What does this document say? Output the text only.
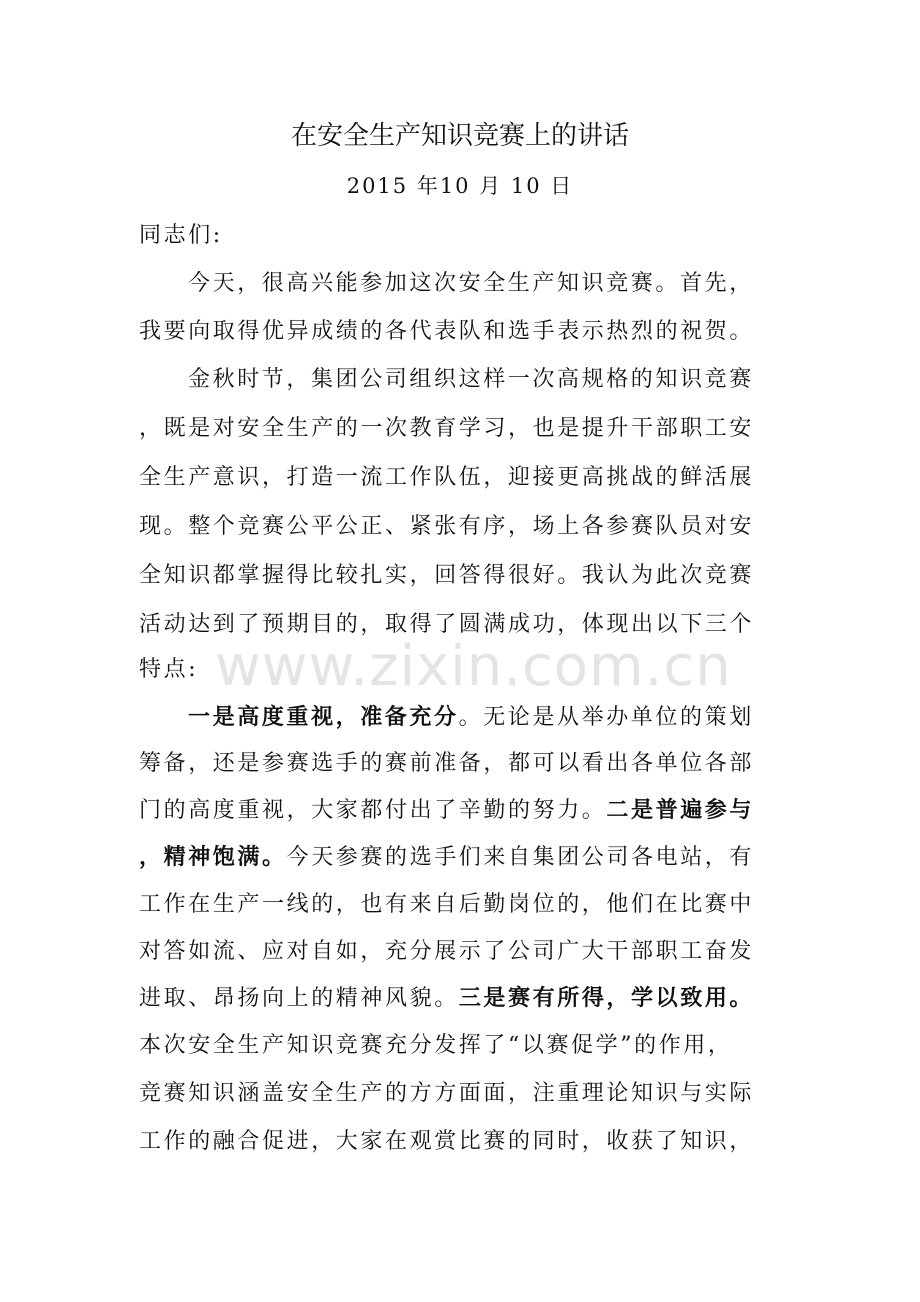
在安全生产知识竞赛上的讲话
2015 年10 月 10 日
同志们:
今天，很高兴能参加这次安全生产知识竞赛。首先，
我要向取得优异成绩的各代表队和选手表示热烈的祝贺。
金秋时节，集团公司组织这样一次高规格的知识竞赛
，既是对安全生产的一次教育学习，也是提升干部职工安
全生产意识，打造一流工作队伍，迎接更高挑战的鲜活展
现。整个竞赛公平公正、紧张有序，场上各参赛队员对安
全知识都掌握得比较扎实，回答得很好。我认为此次竞赛
活动达到了预期目的，取得了圆满成功，体现出以下三个
特点: www.zixin.com.cn
一是高度重视，准备充分。无论是从举办单位的策划
筹备，还是参赛选手的赛前准备，都可以看出各单位各部
门的高度重视，大家都付出了辛勤的努力。二是普遍参与
，精神饱满。今天参赛的选手们来自集团公司各电站，有
工作在生产一线的，也有来自后勤岗位的，他们在比赛中
对答如流、应对自如，充分展示了公司广大干部职工奋发
进取、昂扬向上的精神风貌。三是赛有所得，学以致用。
本次安全生产知识竞赛充分发挥了“以赛促学”的作用，
竞赛知识涵盖安全生产的方方面面，注重理论知识与实际
工作的融合促进，大家在观赏比赛的同时，收获了知识，
